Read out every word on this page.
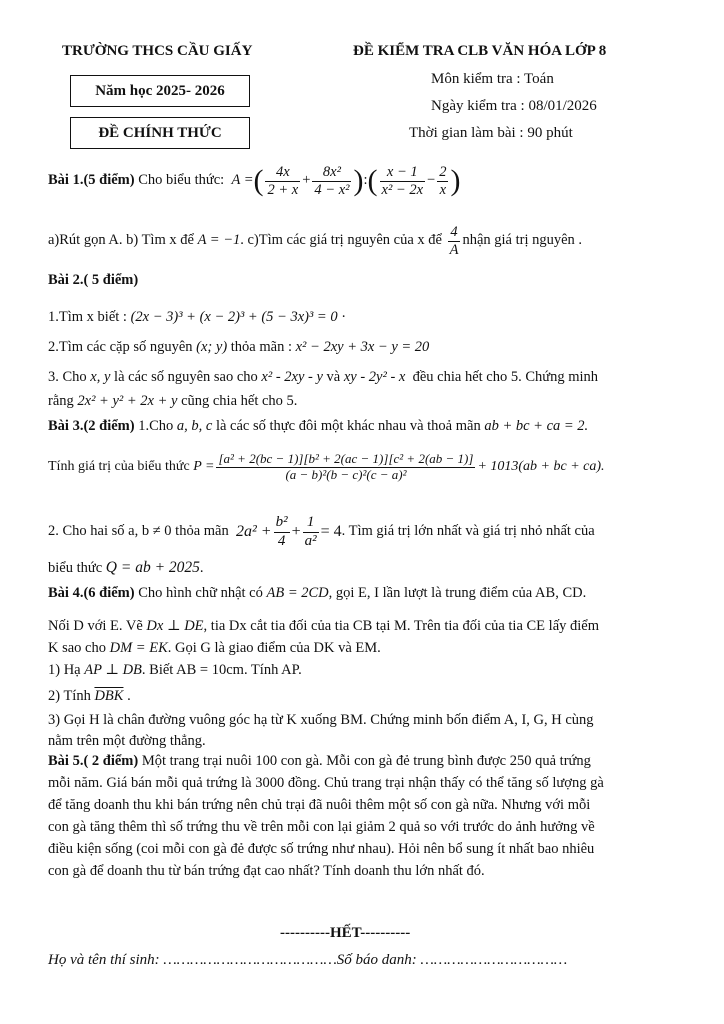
TRƯỜNG THCS CẦU GIẤY	ĐỀ KIỂM TRA CLB VĂN HÓA LỚP 8
Năm học 2025- 2026
ĐỀ CHÍNH THỨC
Môn kiểm tra : Toán
Ngày kiểm tra : 08/01/2026
Thời gian làm bài : 90 phút
Bài 1.(5 điểm)
Cho biểu thức:
A = ( $\frac{4x}{2 + x} + \frac{\text{8x²}}{\text{4 − x²}}$ ) : ( $\frac{x - 1}{\text{x² − 2x}} - \frac{2}{x}$ )
a)Rút gọn A. b) Tìm x để
A = −1 . c)Tìm các giá trị nguyên của x để
$\frac{4}{A}$ nhận giá trị nguyên .
Bài 2.( 5 điểm)
1.Tìm x biết : (2x − 3)³ + (x − 2)³ + (5 − 3x)³ = 0 ·
2.Tìm các cặp số nguyên (x; y) thỏa mãn : x² − 2xy + 3x − y = 20
3. Cho x, y là các số nguyên sao cho x² - 2xy - y và xy - 2y² - x đều chia hết cho 5. Chứng minh
rằng 2x² + y² + 2x + y cũng chia hết cho 5.
Bài 3.(2 điểm) 1.Cho a, b, c là các số thực đôi một khác nhau và thoả mãn ab + bc + ca = 2.
Tính giá trị của biểu thức
$P = \frac{\text{[a² + 2(bc − 1)][b² + 2(ac − 1)][c² + 2(ab − 1)]}}{\text{(a − b)²(b − c)²(c − a)²}} + 1013(ab$ + bc + ca).
2. Cho hai số a, b ≠ 0 thỏa mãn
$2a^2 + \frac{\text{b²}}{4} + \frac{1}{\text{a²}} = 4$ . Tìm giá trị lớn nhất và giá trị nhỏ nhất của
biểu thức Q = ab + 2025.
Bài 4.(6 điểm) Cho hình chữ nhật có AB = 2CD, gọi E, I lần lượt là trung điểm của AB, CD.
Nối D với E. Vẽ Dx ⊥ DE, tia Dx cắt tia đối của tia CB tại M. Trên tia đối của tia CE lấy điểm
K sao cho DM = EK. Gọi G là giao điểm của DK và EM.
1) Hạ AP ⊥ DB. Biết AB = 10cm. Tính AP.
2) Tính $\overline{DBK}$ .
3) Gọi H là chân đường vuông góc hạ từ K xuống BM. Chứng minh bốn điểm A, I, G, H cùng
nằm trên một đường thẳng.
Bài 5.( 2 điểm) Một trang trại nuôi 100 con gà. Mỗi con gà đẻ trung bình được 250 quả trứng
mỗi năm. Giá bán mỗi quả trứng là 3000 đồng. Chủ trang trại nhận thấy có thể tăng số lượng gà
để tăng doanh thu khi bán trứng nên chủ trại đã nuôi thêm một số con gà nữa. Nhưng với mỗi
con gà tăng thêm thì số trứng thu về trên mỗi con lại giảm 2 quả so với trước do ảnh hưởng về
điều kiện sống (coi mỗi con gà đẻ được số trứng như nhau). Hỏi nên bổ sung ít nhất bao nhiêu
con gà để doanh thu từ bán trứng đạt cao nhất? Tính doanh thu lớn nhất đó.
----------HẾT----------
Họ và tên thí sinh: …………………………………Số báo danh: ……………………………
